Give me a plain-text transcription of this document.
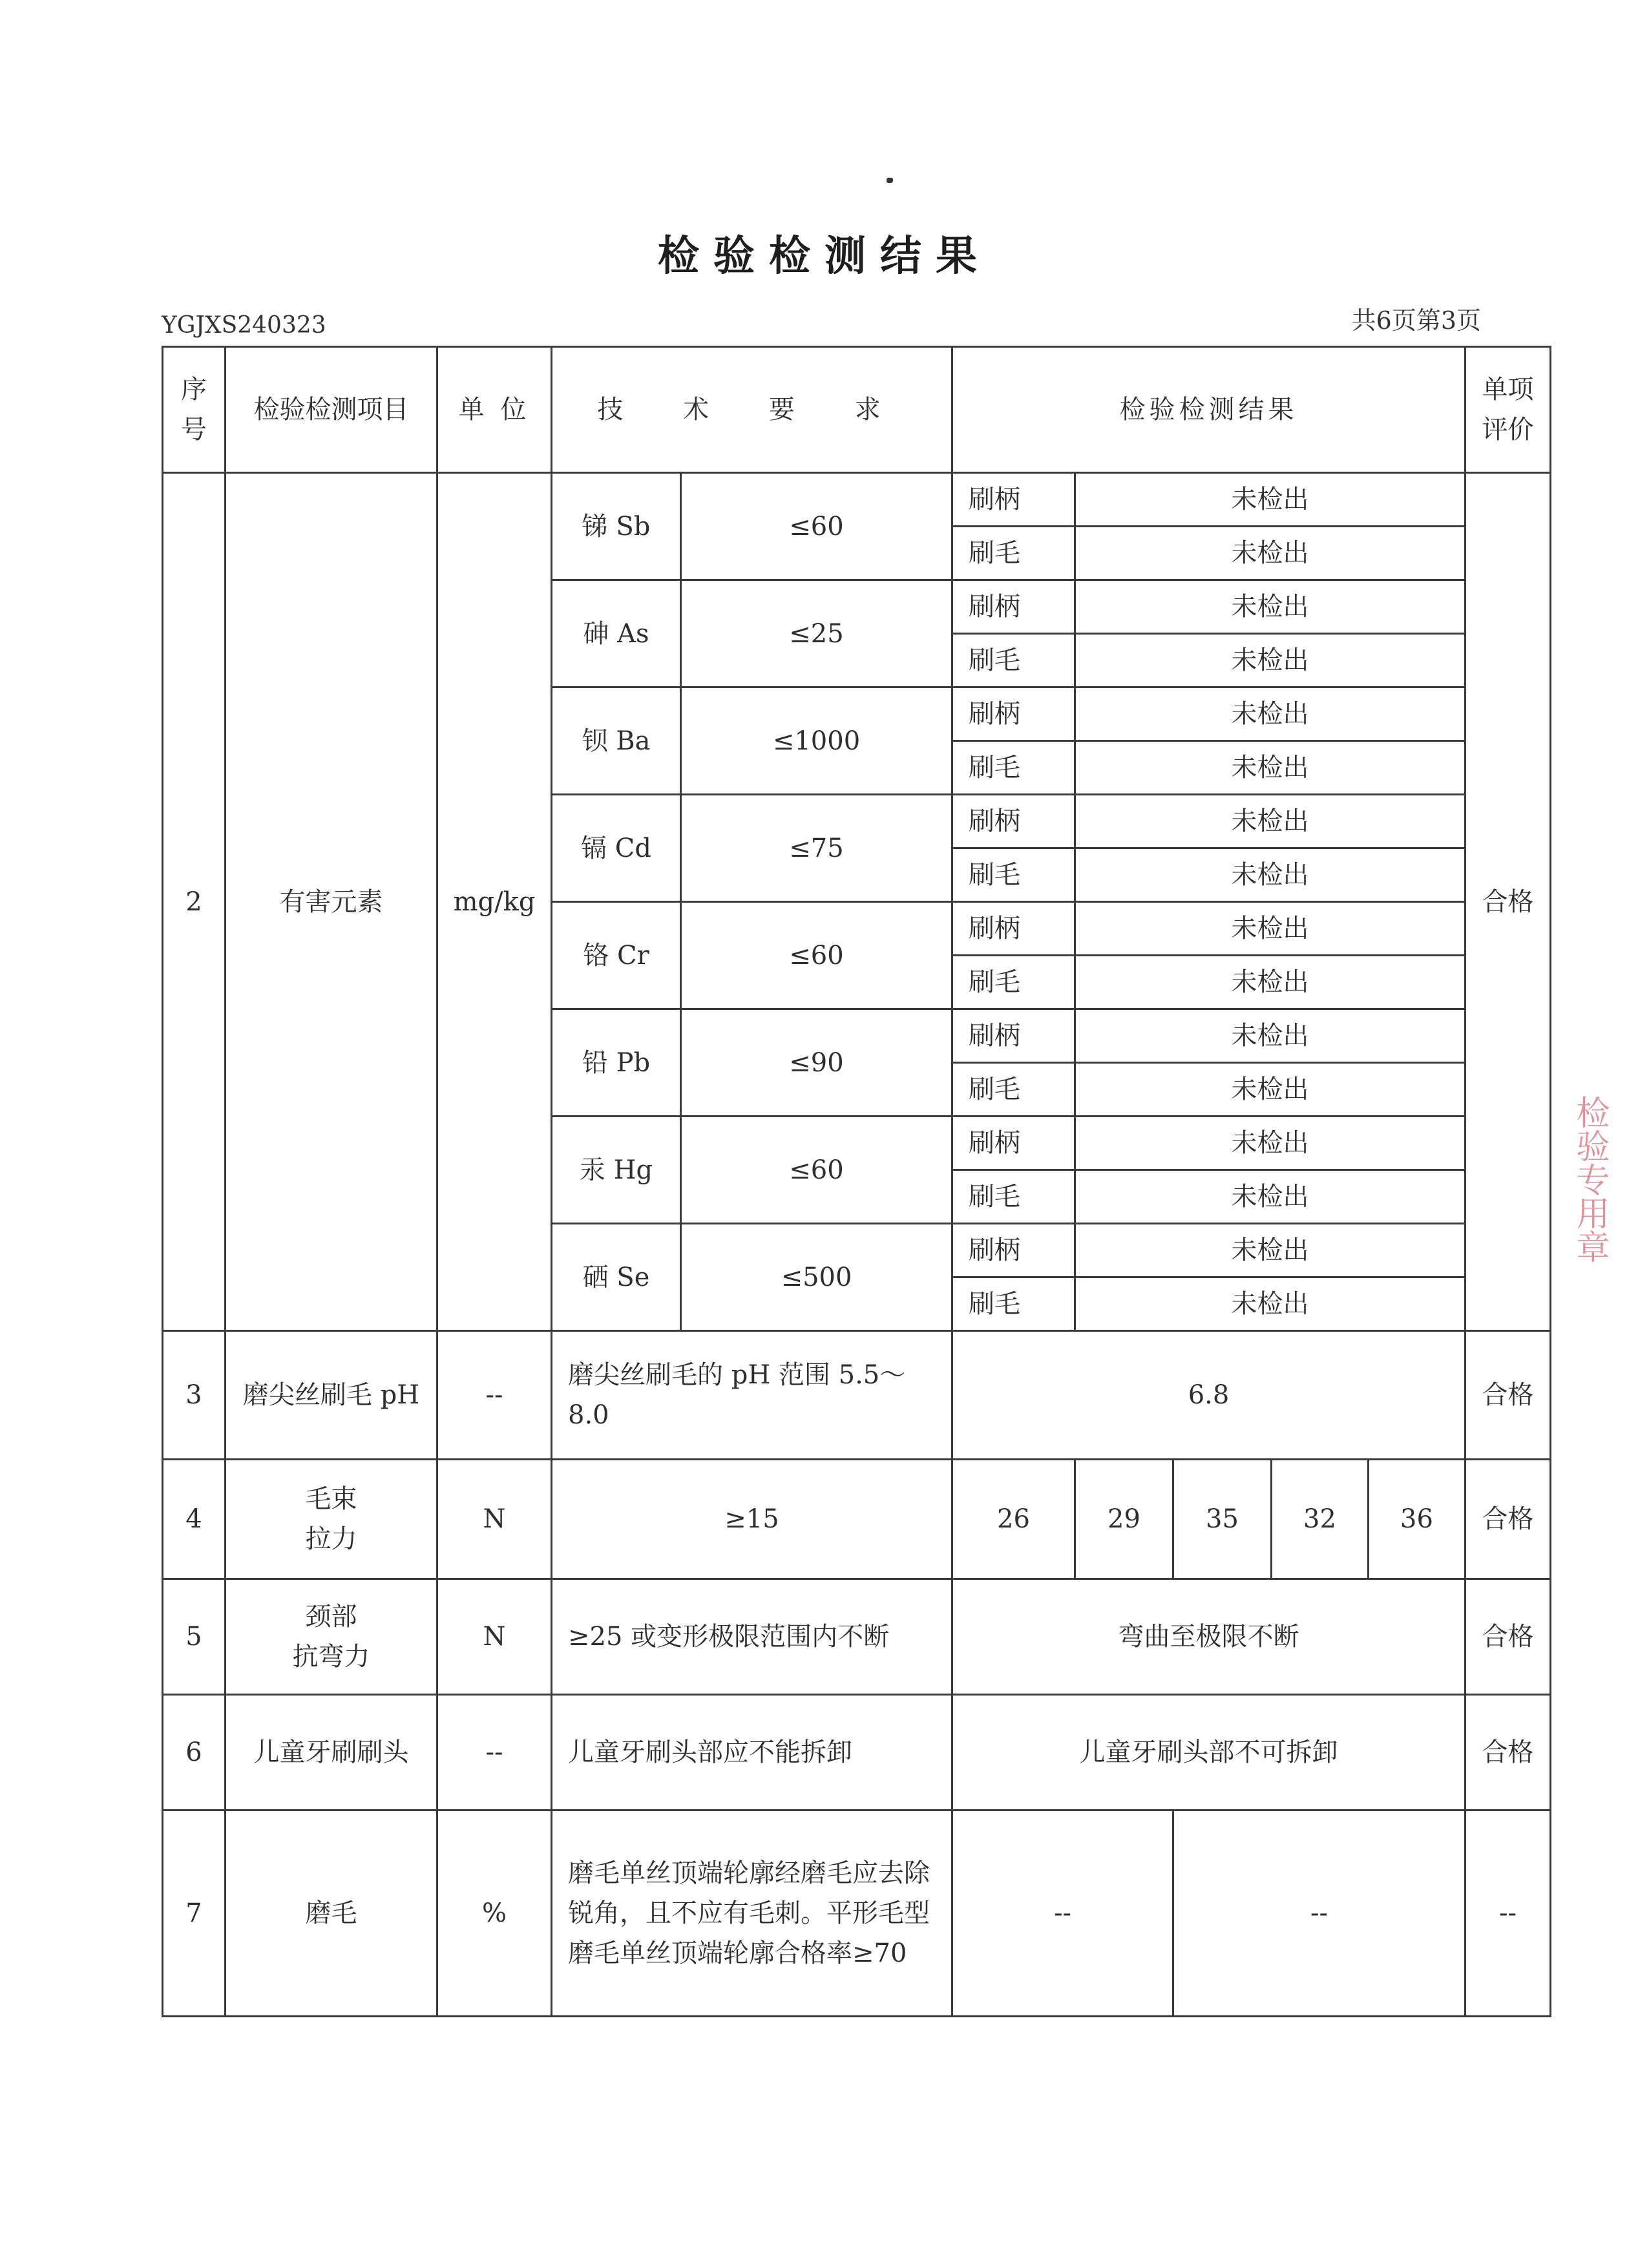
检验检测结果
YGJXS240323	共6页第3页
序号	检验检测项目	单 位	技 术 要 求		检验检测结果					单项评价
2	有害元素	mg/kg	锑 Sb	≤60	刷柄	未检出				合格
					刷毛	未检出				
			砷 As	≤25	刷柄	未检出				
					刷毛	未检出				
			钡 Ba	≤1000	刷柄	未检出				
					刷毛	未检出				
			镉 Cd	≤75	刷柄	未检出				
					刷毛	未检出				
			铬 Cr	≤60	刷柄	未检出				
					刷毛	未检出				
			铅 Pb	≤90	刷柄	未检出				
					刷毛	未检出				
			汞 Hg	≤60	刷柄	未检出				
					刷毛	未检出				
			硒 Se	≤500	刷柄	未检出				
					刷毛	未检出				
3	磨尖丝刷毛 pH	--	磨尖丝刷毛的 pH 范围 5.5～8.0		6.8					合格
4	毛束
拉力	N	≥15		26	29	35	32	36	合格
5	颈部
抗弯力	N	≥25 或变形极限范围内不断		弯曲至极限不断					合格
6	儿童牙刷刷头	--	儿童牙刷头部应不能拆卸		儿童牙刷头部不可拆卸					合格
7	磨毛	%	磨毛单丝顶端轮廓经磨毛应去除锐角，且不应有毛刺。平形毛型磨毛单丝顶端轮廓合格率≥70		--		--			--
检验专用章
